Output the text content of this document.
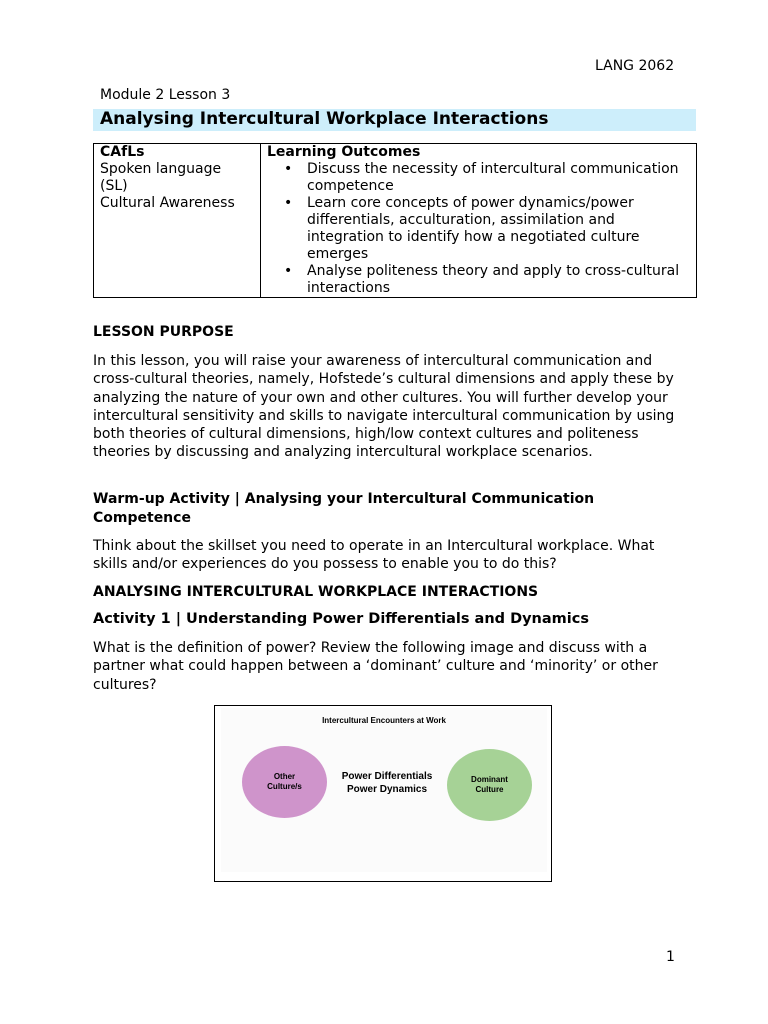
LANG 2062
Module 2 Lesson 3
Analysing Intercultural Workplace Interactions
CAfLs
Spoken language
(SL)
Cultural Awareness
Learning Outcomes
• Discuss the necessity of intercultural communication competence
• Learn core concepts of power dynamics/power differentials, acculturation, assimilation and integration to identify how a negotiated culture emerges
• Analyse politeness theory and apply to cross-cultural interactions
LESSON PURPOSE
In this lesson, you will raise your awareness of intercultural communication and cross-cultural theories, namely, Hofstede’s cultural dimensions and apply these by analyzing the nature of your own and other cultures. You will further develop your intercultural sensitivity and skills to navigate intercultural communication by using both theories of cultural dimensions, high/low context cultures and politeness theories by discussing and analyzing intercultural workplace scenarios.
Warm-up Activity | Analysing your Intercultural Communication Competence
Think about the skillset you need to operate in an Intercultural workplace. What skills and/or experiences do you possess to enable you to do this?
ANALYSING INTERCULTURAL WORKPLACE INTERACTIONS
Activity 1 | Understanding Power Differentials and Dynamics
What is the definition of power? Review the following image and discuss with a partner what could happen between a ‘dominant’ culture and ‘minority’ or other cultures?
Intercultural Encounters at Work
Other Culture/s
Power Differentials
Power Dynamics
Dominant Culture
1
